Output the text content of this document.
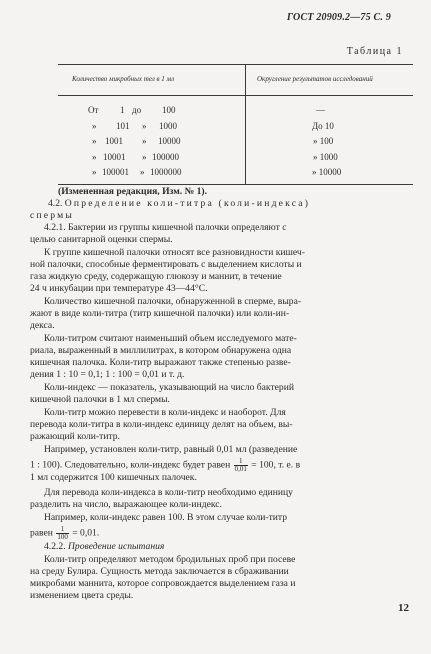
ГОСТ 20909.2—75 С. 9
Таблица 1
Количество микробных тел в 1 мл	Округление результатов исследований
От 1 до 100	—
» 101 » 1000	До 10
» 1001 » 10000	» 100
» 10001 » 100000	» 1000
» 100001 » 1000000	» 10000
(Измененная редакция, Изм. № 1).
4.2. Определение коли-титра (коли-индекса)
спермы
4.2.1. Бактерии из группы кишечной палочки определяют с
целью санитарной оценки спермы.
К группе кишечной палочки относят все разновидности кишеч-
ной палочки, способные ферментировать с выделением кислоты и
газа жидкую среду, содержащую глюкозу и маннит, в течение
24 ч инкубации при температуре 43—44°С.
Количество кишечной палочки, обнаруженной в сперме, выра-
жают в виде коли-титра (титр кишечной палочки) или коли-ин-
декса.
Коли-титром считают наименьший объем исследуемого мате-
риала, выраженный в миллилитрах, в котором обнаружена одна
кишечная палочка. Коли-титр выражают также степенью разве-
дения 1 : 10 = 0,1; 1 : 100 = 0,01 и т. д.
Коли-индекс — показатель, указывающий на число бактерий
кишечной палочки в 1 мл спермы.
Коли-титр можно перевести в коли-индекс и наоборот. Для
перевода коли-титра в коли-индекс единицу делят на объем, вы-
ражающий коли-титр.
Например, установлен коли-титр, равный 0,01 мл (разведение
1 : 100). Следовательно, коли-индекс будет равен $\frac{1}{0,01} = 100$, т. е. в
1 мл содержится 100 кишечных палочек.
Для перевода коли-индекса в коли-титр необходимо единицу
разделить на число, выражающее коли-индекс.
Например, коли-индекс равен 100. В этом случае коли-титр
равен $\frac{1}{100} = 0,01$.
4.2.2. Проведение испытания
Коли-титр определяют методом бродильных проб при посеве
на среду Булира. Сущность метода заключается в сбраживании
микробами маннита, которое сопровождается выделением газа и
изменением цвета среды.
12
